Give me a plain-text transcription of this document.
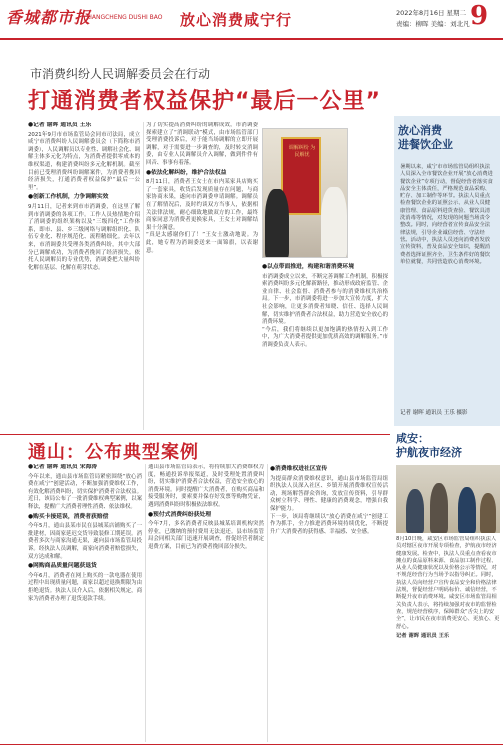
香城都市报
XIANGCHENG DUSHI BAO 放心消费咸宁行	2022年8月16日 星期二
责编：柳晖 美编：刘北凡 9
市消费纠纷人民调解委员会在行动
打通消费者权益保护“最后一公里”
●记者 谢晖 通讯员 王乐
2021年9月市市场监管局会同市司法局，成立咸宁市消费纠纷人民调解委员会（下简称市消调委），人民调解员以专业性、调解社会化、调解主体多元化为特点，为消费者提供零成本的维权渠道，构建消费纠纷多元化解机制。截至目前已受理消费纠纷调解案件，为消费者挽回经济损失，打通消费者权益保护“最后一公里”。
●创新工作机制，力争调解实效
9月11日，记者来到市市消调委，在这里了解到市消调委的各项工作。工作人员热情地介绍了消调委的组织架构以及“三级四化”工作体系，即市、县、乡三级网络与调解组织化、队伍专业化、程序规范化、流程精细化。去年以来，市消调委共受理各类消费纠纷，其中大部分已调解成功，为消费者挽回了经济损失。依托人民调解员的专业优势，消调委把大量纠纷化解在基层、化解在萌芽状态。
为了切实提高消费纠纷的调解成效，市消调委探索建立了“消调联动”模式，由市场监管部门受理消费投诉后，对于能当场调解的立即开展调解，对于需要进一步调查的，及时转交消调委，由专业人民调解员介入调解，做到件件有回音、事事有着落。
●依法化解纠纷，维护合法权益
8月11日，消费者王女士在市内某家具店购买了一套家具，收货后发现质量存在问题，与商家协商未果，遂向市消调委申请调解。调解员在了解情况后，及时约谈双方当事人，依据相关法律法规，耐心细致地做双方的工作，最终商家同意为消费者更换家具，王女士对调解结果十分满意。
“真是太感谢你们了！”王女士激动地说。为此，她专程为消调委送来一面锦旗，以表谢意。
调解纠纷 为民解忧
●以点带面推进，构建和谐消费环境
市消调委成立以来，不断完善调解工作机制，积极探索消费纠纷多元化解新路径，推动形成政府监管、企业自律、社会监督、消费者参与的消费维权共治格局。下一步，市消调委将进一步加大宣传力度，扩大社会影响，让更多消费者知晓、信任、选择人民调解，切实维护消费者合法权益，助力营造安全放心的消费环境。
“今后，我们将继续以更加饱满的热情投入到工作中，为广大消费者提供更加优质高效的调解服务。”市消调委负责人表示。
放心消费
进餐饮企业
暑期以来，咸宁市市场监管局组织执法人员深入全市餐饮企业开展“放心消费进餐饮企业”专项行动，督促经营者落实食品安全主体责任，严格规范食品采购、贮存、加工制作等环节。执法人员重点检查餐饮企业的证照公示、从业人员健康管理、食品原料进货查验、餐饮具清洗消毒等情况，对发现的问题当场责令整改。同时，向经营者宣传食品安全法律法规，引导企业诚信经营、守法经营。活动中，执法人员还向消费者发放宣传资料，普及食品安全知识，提醒消费者选择证照齐全、卫生条件好的餐饮单位就餐，共同营造放心消费环境。
记者 谢晖 通讯员 王乐 摄影
通山：公布典型案例
●记者 谢晖 通讯员 宋海涛
今年以来，通山县市场监管局紧密围绕“放心消费在咸宁”创建活动，不断加强消费维权工作，有效化解消费纠纷，切实保护消费者合法权益。近日，该局公布了一批消费维权典型案例，以案释法，提醒广大消费者理性消费、依法维权。
●购买卡接延误，消费者获赔偿
今年5月，通山县某市民在县城某店铺购买了一批建材，因商家延迟交货导致装修工期延误。消费者多次与商家沟通无果，遂向县市场监管局投诉。经执法人员调解，商家向消费者赔偿损失，双方达成和解。
●网购商品质量问题获退货
今年6月，消费者在网上购买的一款电器在使用过程中出现质量问题，商家以超过退换期限为由拒绝退货。执法人员介入后，依据相关规定，商家为消费者办理了退货退款手续。
通山县市场监管局表示，将持续加大消费维权力度，畅通投诉举报渠道，及时受理处置消费纠纷，切实维护消费者合法权益，营造安全放心的消费环境。同时提醒广大消费者，在购买商品和接受服务时，要索要并保存好发票等购物凭证，遇到消费纠纷时积极依法维权。
●预付式消费纠纷获处理
今年7月，多名消费者反映县城某培训机构突然停业，已缴纳的预付费用无法退还。县市场监管局会同相关部门迅速开展调查，督促经营者制定退费方案，目前已为消费者挽回部分损失。
●消费维权进社区宣传
为提高群众消费维权意识，通山县市场监管局组织执法人员深入社区、乡镇开展消费维权宣传活动，现场解答群众咨询，发放宣传资料，引导群众树立科学、理性、健康的消费观念，增强自我保护能力。
下一步，该局将继续以“放心消费在咸宁”创建工作为抓手，全力推进消费环境持续优化，不断提升广大消费者的获得感、幸福感、安全感。
咸安：
护航夜市经济
8月10日晚，咸安区市场监管局组织执法人员对辖区夜市开展专项检查，护航夜市经济健康发展。检查中，执法人员重点查看夜市摊点的食品原料来源、食品加工制作过程、从业人员健康状况以及价格公示等情况，对不规范经营行为当场予以指导纠正。同时，执法人员向经营户宣传食品安全和价格法律法规，督促经营户明码标价、诚信经营，不断提升夜市消费环境。咸安区市场监管局相关负责人表示，将持续加强对夜市的监督检查，规范经营秩序，保障群众“舌尖上的安全”，让市民在夜市消费更安心、更放心、更舒心。
记者 谢晖 通讯员 王乐
